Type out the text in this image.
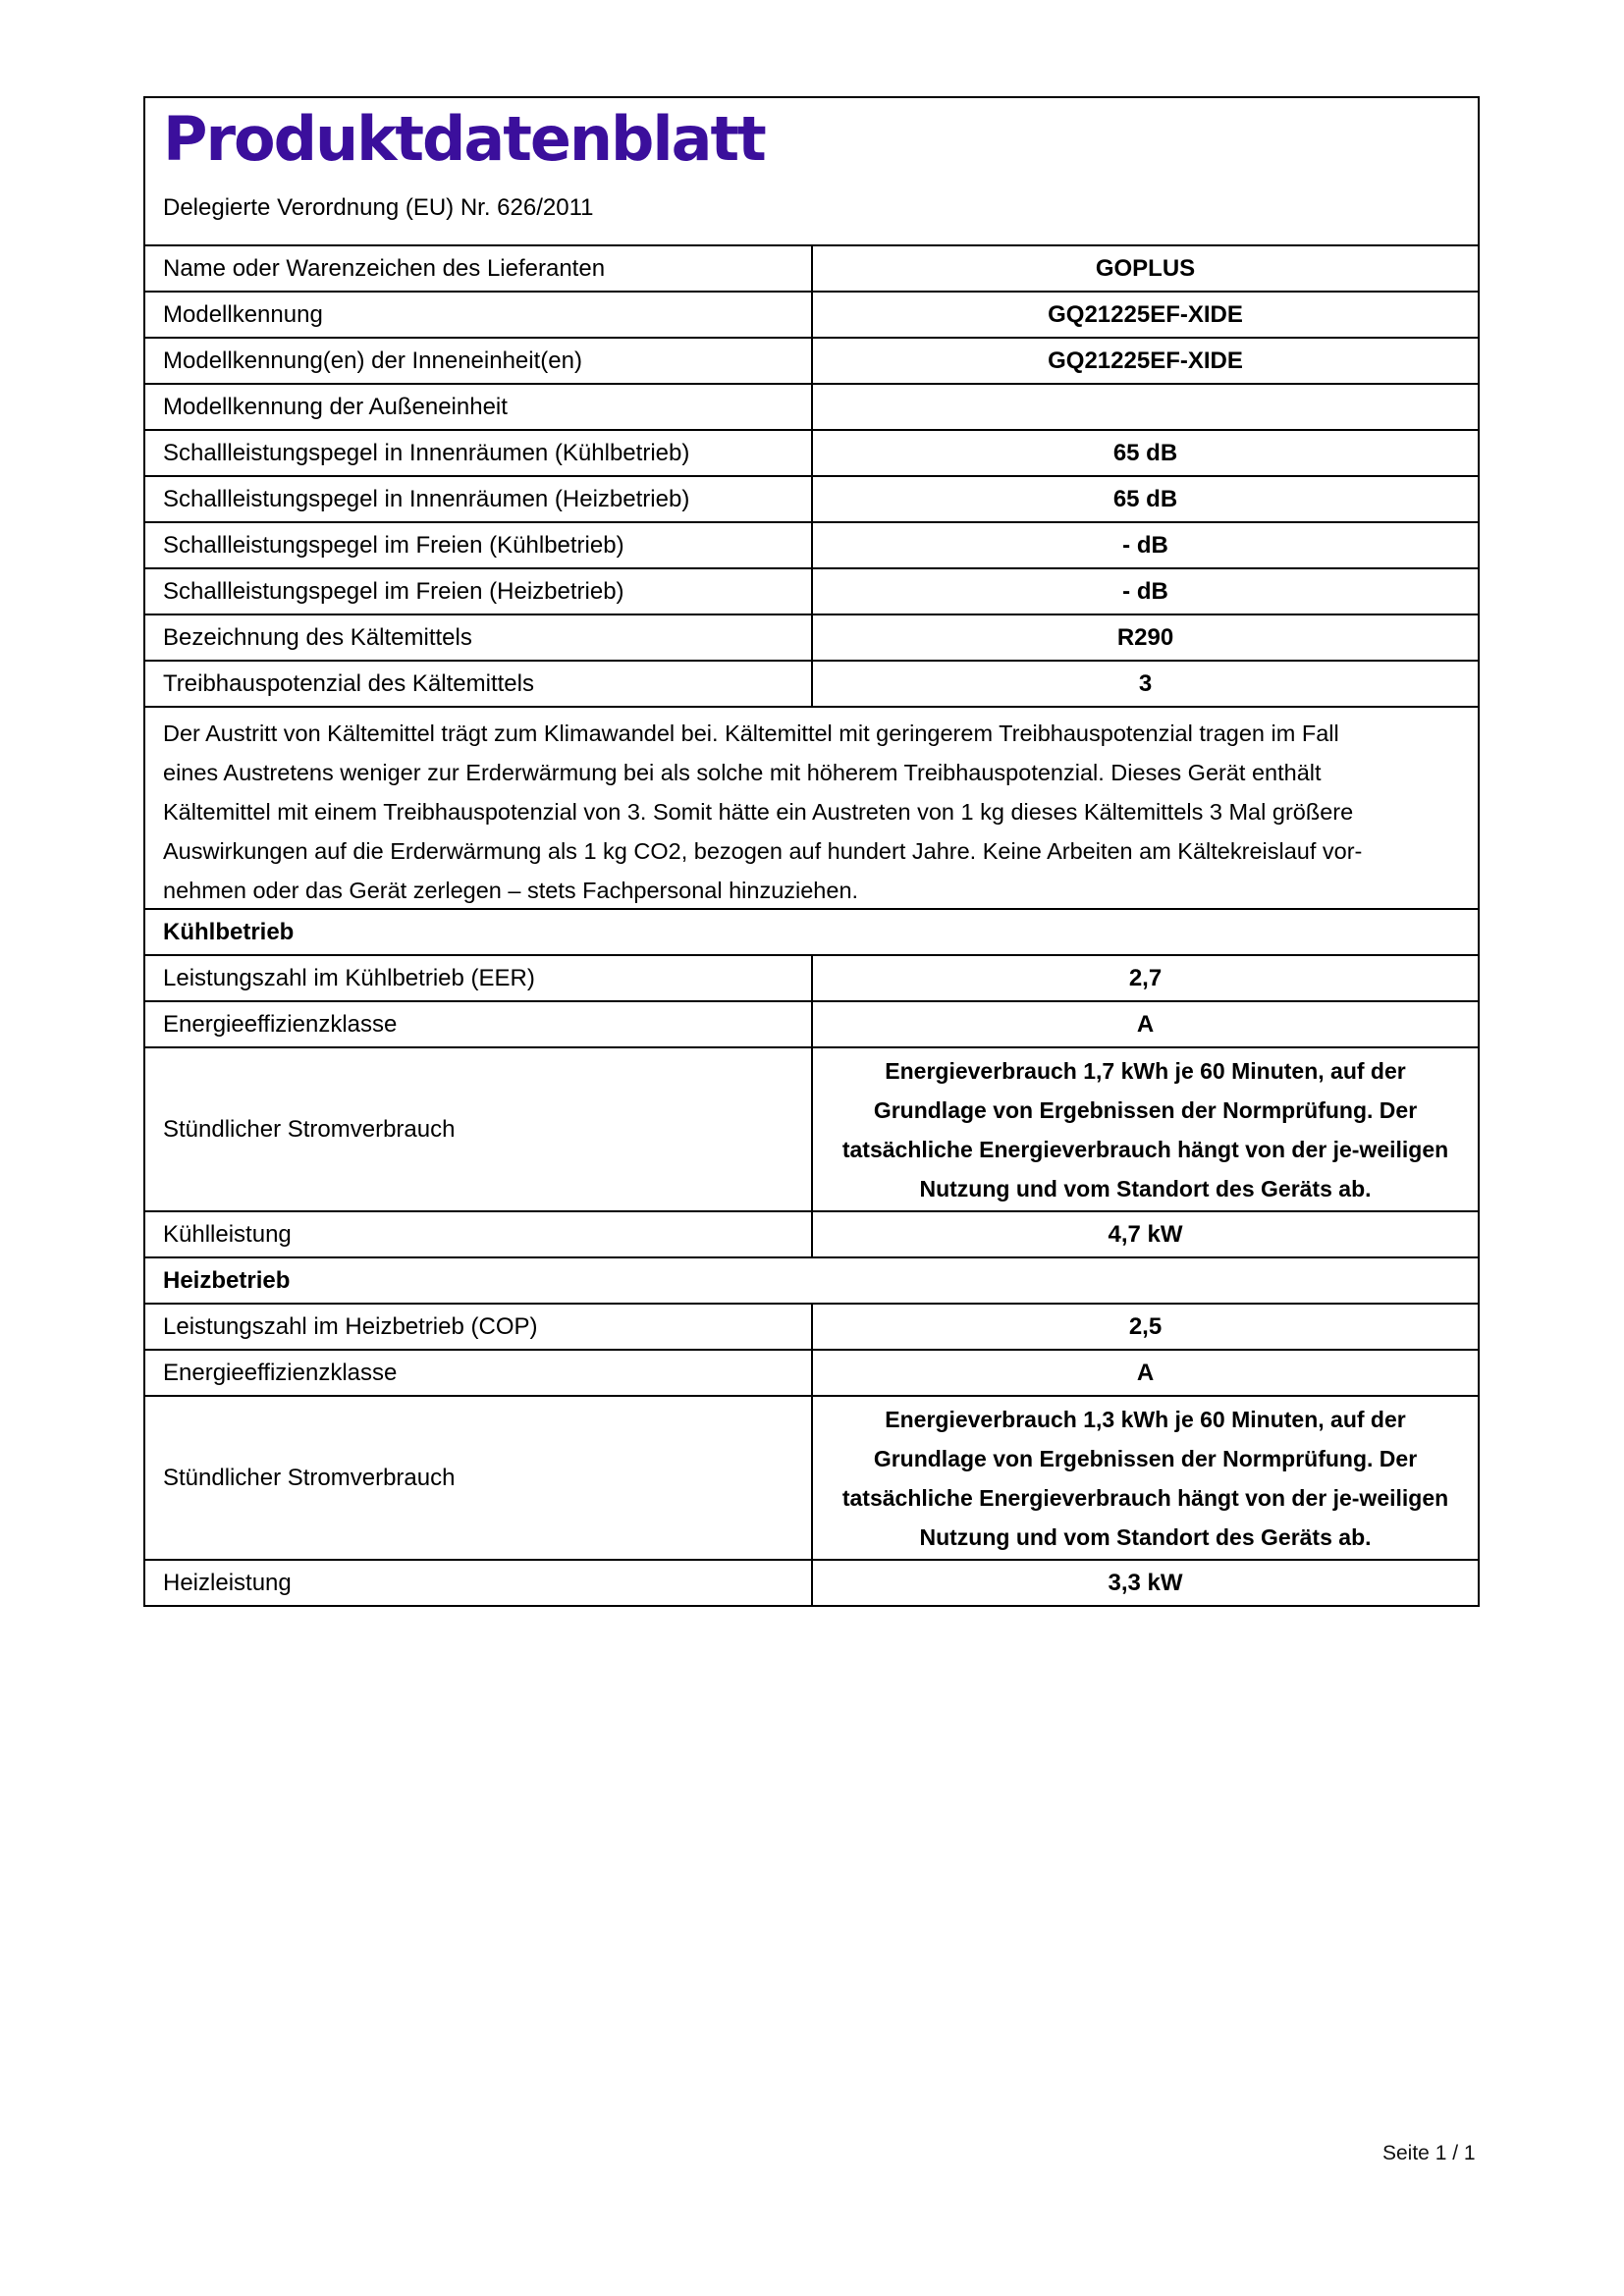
Produktdatenblatt
Delegierte Verordnung (EU) Nr. 626/2011
Name oder Warenzeichen des Lieferanten	GOPLUS
Modellkennung	GQ21225EF-XIDE
Modellkennung(en) der Inneneinheit(en)	GQ21225EF-XIDE
Modellkennung der Außeneinheit
Schallleistungspegel in Innenräumen (Kühlbetrieb)	65 dB
Schallleistungspegel in Innenräumen (Heizbetrieb)	65 dB
Schallleistungspegel im Freien (Kühlbetrieb)	- dB
Schallleistungspegel im Freien (Heizbetrieb)	- dB
Bezeichnung des Kältemittels	R290
Treibhauspotenzial des Kältemittels	3
Der Austritt von Kältemittel trägt zum Klimawandel bei. Kältemittel mit geringerem Treibhauspotenzial tragen im Fall
eines Austretens weniger zur Erderwärmung bei als solche mit höherem Treibhauspotenzial. Dieses Gerät enthält
Kältemittel mit einem Treibhauspotenzial von 3. Somit hätte ein Austreten von 1 kg dieses Kältemittels 3 Mal größere
Auswirkungen auf die Erderwärmung als 1 kg CO2, bezogen auf hundert Jahre. Keine Arbeiten am Kältekreislauf vor-
nehmen oder das Gerät zerlegen – stets Fachpersonal hinzuziehen.
Kühlbetrieb
Leistungszahl im Kühlbetrieb (EER)	2,7
Energieeffizienzklasse	A
Stündlicher Stromverbrauch
Energieverbrauch 1,7 kWh je 60 Minuten, auf der Grundlage von Ergebnissen der Normprüfung. Der tatsächliche Energieverbrauch hängt von der je-weiligen Nutzung und vom Standort des Geräts ab.
Kühlleistung	4,7 kW
Heizbetrieb
Leistungszahl im Heizbetrieb (COP)	2,5
Energieeffizienzklasse	A
Stündlicher Stromverbrauch
Energieverbrauch 1,3 kWh je 60 Minuten, auf der Grundlage von Ergebnissen der Normprüfung. Der tatsächliche Energieverbrauch hängt von der je-weiligen Nutzung und vom Standort des Geräts ab.
Heizleistung	3,3 kW
Seite 1 / 1
